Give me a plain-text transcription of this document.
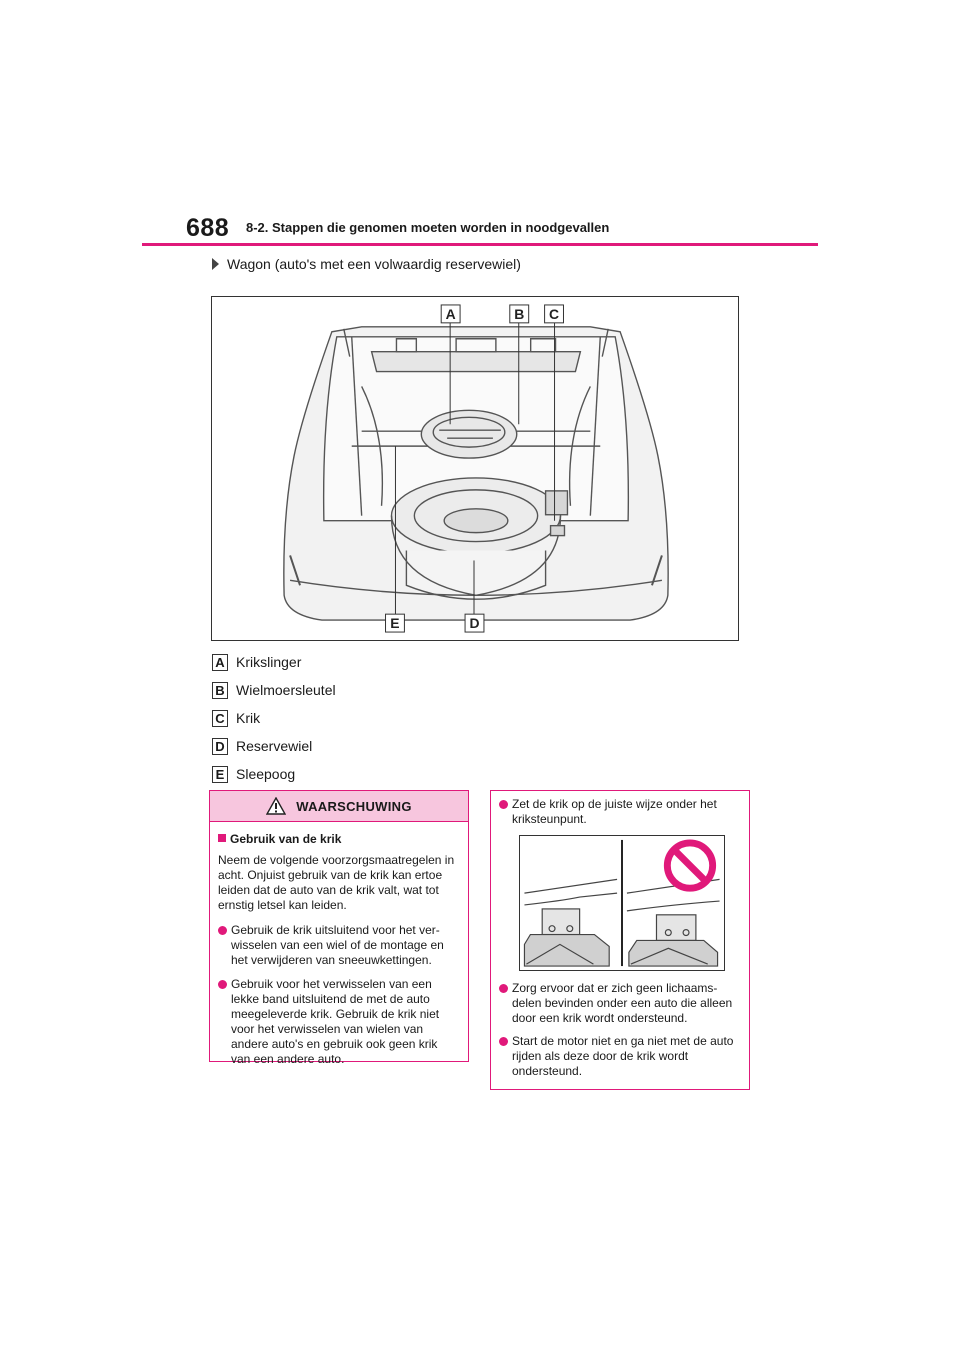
688 8-2. Stappen die genomen moeten worden in noodgevallen
Wagon (auto's met een volwaardig reservewiel)
A	B C
D
E
A Krikslinger
B Wielmoersleutel
C Krik
D Reservewiel
E Sleepoog
WAARSCHUWING
Gebruik van de krik
Neem de volgende voorzorgsmaatregelen in acht. Onjuist gebruik van de krik kan ertoe leiden dat de auto van de krik valt, wat tot ernstig letsel kan leiden.
Gebruik de krik uitsluitend voor het ver-wisselen van een wiel of de montage en het verwijderen van sneeuwkettingen.
Gebruik voor het verwisselen van een lekke band uitsluitend de met de auto meegeleverde krik. Gebruik de krik niet voor het verwisselen van wielen van andere auto's en gebruik ook geen krik van een andere auto.
Zet de krik op de juiste wijze onder het kriksteunpunt.
Zorg ervoor dat er zich geen lichaams-delen bevinden onder een auto die alleen door een krik wordt ondersteund.
Start de motor niet en ga niet met de auto rijden als deze door de krik wordt ondersteund.
